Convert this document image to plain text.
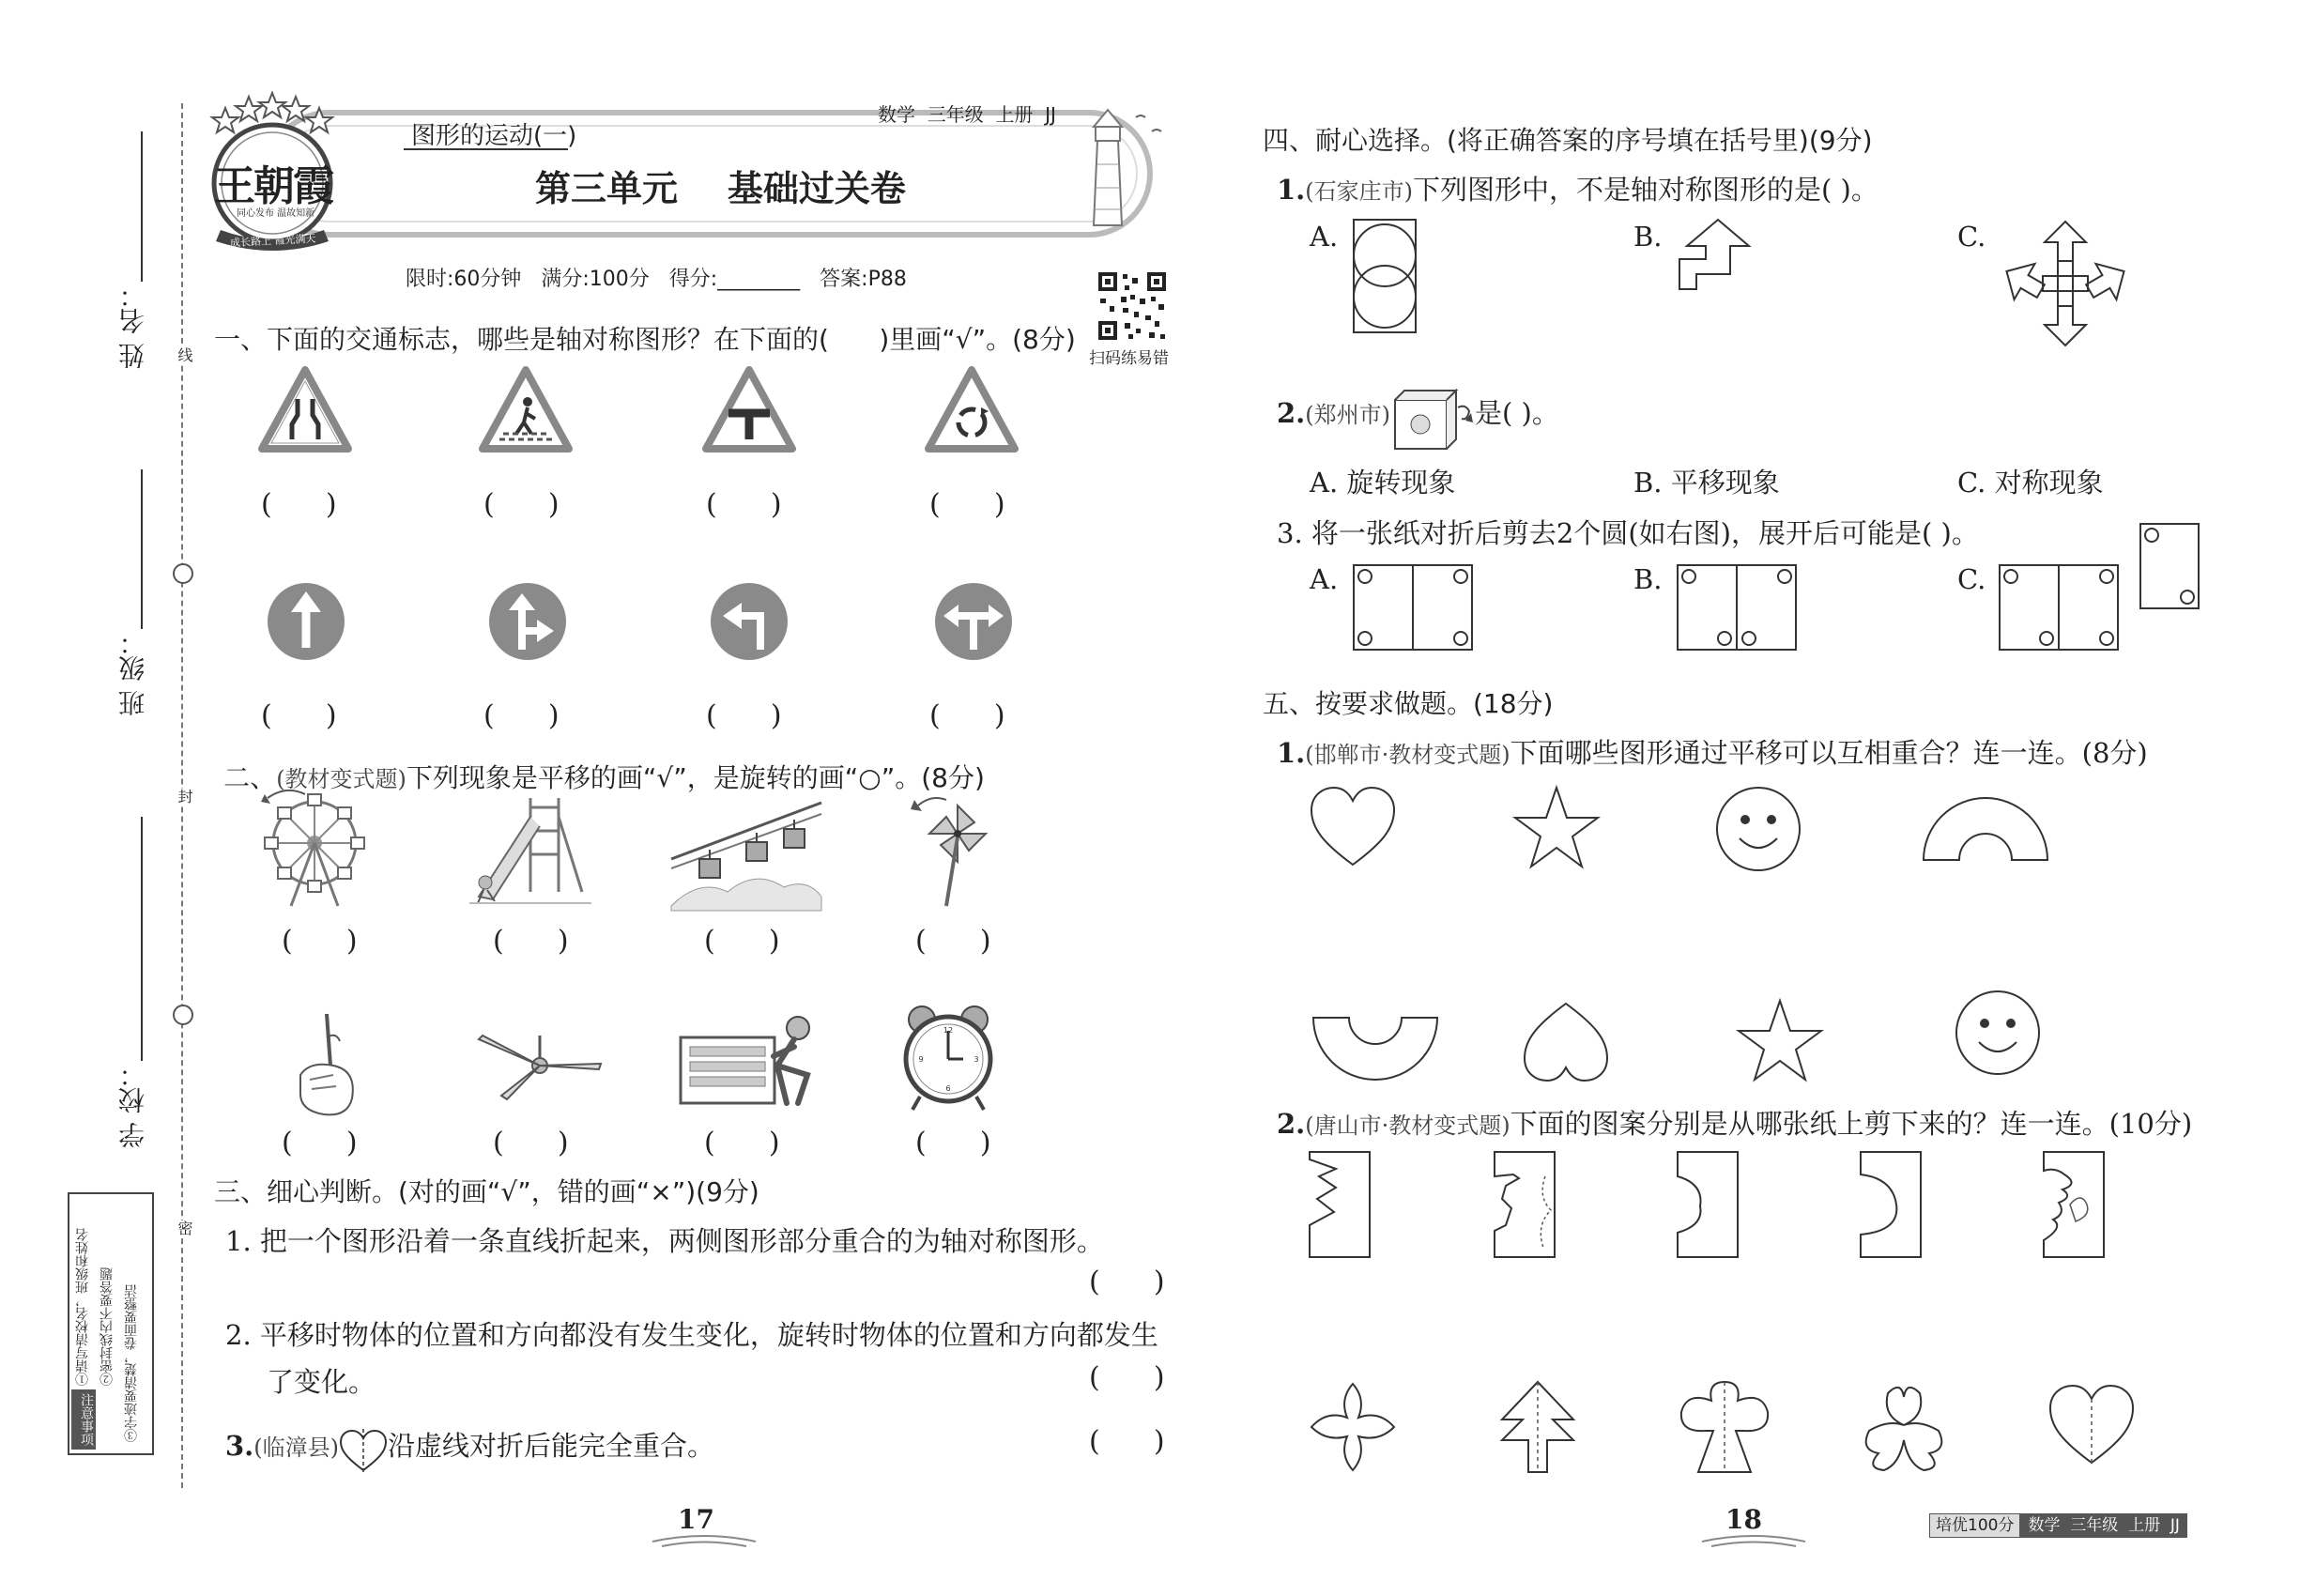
姓 名：
班 级：
学 校：
线
封
密
注意事项
①请写清校名，班级和姓名 ②密封线内不要答题 ③字迹要清楚，卷面要整洁
王朝霞
同心发布 温故知新
成长路上 霞光满天
图形的运动(一)
数学  三年级  上册  JJ
第三单元    基础过关卷
限时:60分钟   满分:100分   得分:________   答案:P88
扫码练易错
一、下面的交通标志，哪些是轴对称图形？在下面的(      )里画“√”。(8分)
(      )	(      )	(      )	(      )
(      )	(      )	(      )	(      )

二、(教材变式题)下列现象是平移的画“√”，是旋转的画“○”。(8分)

(      )	(      )	(      )	(      )
12
3
6
9
(      )	(      )	(      )	(      )
三、细心判断。(对的画“√”，错的画“×”)(9分)
1. 把一个图形沿着一条直线折起来，两侧图形部分重合的为轴对称图形。
(      )
2. 平移时物体的位置和方向都没有发生变化，旋转时物体的位置和方向都发生
了变化。	(      )
3.(临漳县) 沿虚线对折后能完全重合。	(      )
17
四、耐心选择。(将正确答案的序号填在括号里)(9分)
1.(石家庄市)下列图形中，不是轴对称图形的是( )。
A.	B.	C.
2.(郑州市)	是( )。
A. 旋转现象	B. 平移现象	C. 对称现象
3. 将一张纸对折后剪去2个圆(如右图)，展开后可能是( )。
A.	B.	C.
五、按要求做题。(18分)
1.(邯郸市·教材变式题)下面哪些图形通过平移可以互相重合？连一连。(8分)
2.(唐山市·教材变式题)下面的图案分别是从哪张纸上剪下来的？连一连。(10分)
18	培优100分 数学  三年级  上册  JJ
